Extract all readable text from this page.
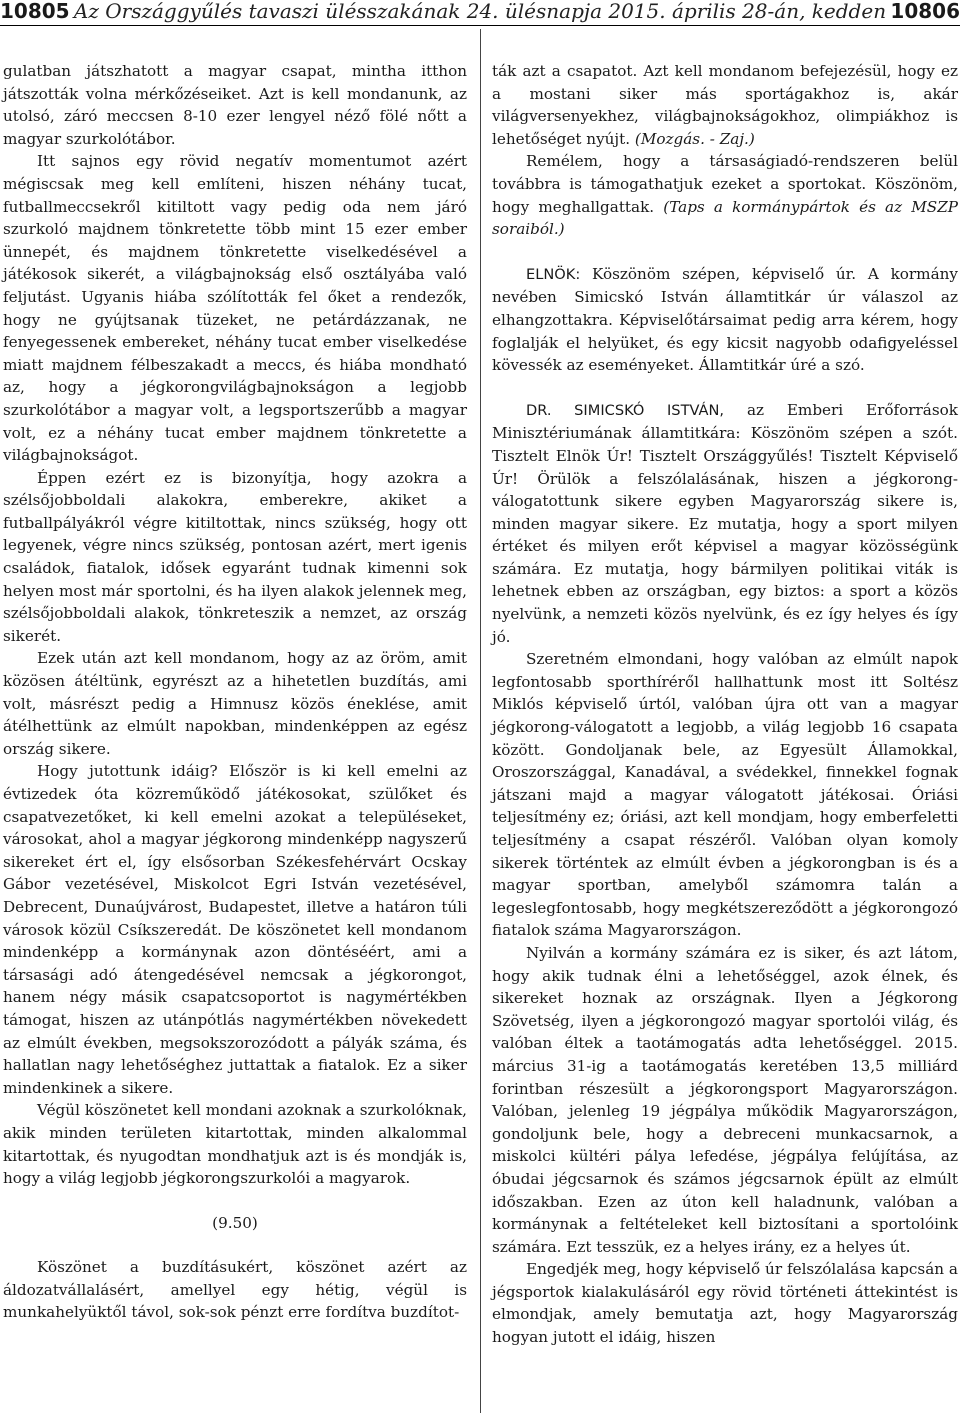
10805 Az Országgyűlés tavaszi ülésszakának 24. ülésnapja 2015. április 28-án, kedden 10806

gulatban játszhatott a magyar csapat, mintha itthon játszották volna mérkőzéseiket. Azt is kell mondanunk, az utolsó, záró meccsen 8-10 ezer lengyel néző fölé nőtt a magyar szurkolótábor.

Itt sajnos egy rövid negatív momentumot azért mégiscsak meg kell említeni, hiszen néhány tucat, futballmeccsekről kitiltott vagy pedig oda nem járó szurkoló majdnem tönkretette több mint 15 ezer ember ünnepét, és majdnem tönkretette viselkedésével a játékosok sikerét, a világbajnokság első osztályába való feljutást. Ugyanis hiába szólították fel őket a rendezők, hogy ne gyújtsanak tüzeket, ne petárdázzanak, ne fenyegessenek embereket, néhány tucat ember viselkedése miatt majdnem félbeszakadt a meccs, és hiába mondható az, hogy a jégkorongvilágbajnokságon a legjobb szurkolótábor a magyar volt, a legsportszerűbb a magyar volt, ez a néhány tucat ember majdnem tönkretette a világbajnokságot.

Éppen ezért ez is bizonyítja, hogy azokra a szélsőjobboldali alakokra, emberekre, akiket a futballpályákról végre kitiltottak, nincs szükség, hogy ott legyenek, végre nincs szükség, pontosan azért, mert igenis családok, fiatalok, idősek egyaránt tudnak kimenni sok helyen most már sportolni, és ha ilyen alakok jelennek meg, szélsőjobboldali alakok, tönkreteszik a nemzet, az ország sikerét.

Ezek után azt kell mondanom, hogy az az öröm, amit közösen átéltünk, egyrészt az a hihetetlen buzdítás, ami volt, másrészt pedig a Himnusz közös éneklése, amit átélhettünk az elmúlt napokban, mindenképpen az egész ország sikere.

Hogy jutottunk idáig? Először is ki kell emelni az évtizedek óta közreműködő játékosokat, szülőket és csapatvezetőket, ki kell emelni azokat a településeket, városokat, ahol a magyar jégkorong mindenképp nagyszerű sikereket ért el, így elsősorban Székesfehérvárt Ocskay Gábor vezetésével, Miskolcot Egri István vezetésével, Debrecent, Dunaújvárost, Budapestet, illetve a határon túli városok közül Csíkszeredát. De köszönetet kell mondanom mindenképp a kormánynak azon döntéséért, ami a társasági adó átengedésével nemcsak a jégkorongot, hanem négy másik csapatcsoportot is nagymértékben támogat, hiszen az utánpótlás nagymértékben növekedett az elmúlt években, megsokszorozódott a pályák száma, és hallatlan nagy lehetőséghez juttattak a fiatalok. Ez a siker mindenkinek a sikere.

Végül köszönetet kell mondani azoknak a szurkolóknak, akik minden területen kitartottak, minden alkalommal kitartottak, és nyugodtan mondhatjuk azt is és mondják is, hogy a világ legjobb jégkorongszurkolói a magyarok.

(9.50)

Köszönet a buzdításukért, köszönet azért az áldozatvállalásért, amellyel egy hétig, végül is munkahelyüktől távol, sok-sok pénzt erre fordítva buzdítot-

ták azt a csapatot. Azt kell mondanom befejezésül, hogy ez a mostani siker más sportágakhoz is, akár világversenyekhez, világbajnokságokhoz, olimpiákhoz is lehetőséget nyújt. (Mozgás. - Zaj.)

Remélem, hogy a társaságiadó-rendszeren belül továbbra is támogathatjuk ezeket a sportokat. Köszönöm, hogy meghallgattak. (Taps a kormánypártok és az MSZP soraiból.)

ELNÖK: Köszönöm szépen, képviselő úr. A kormány nevében Simicskó István államtitkár úr válaszol az elhangzottakra. Képviselőtársaimat pedig arra kérem, hogy foglalják el helyüket, és egy kicsit nagyobb odafigyeléssel kövessék az eseményeket. Államtitkár úré a szó.

DR. SIMICSKÓ ISTVÁN, az Emberi Erőforrások Minisztériumának államtitkára: Köszönöm szépen a szót. Tisztelt Elnök Úr! Tisztelt Országgyűlés! Tisztelt Képviselő Úr! Örülök a felszólalásának, hiszen a jégkorong-válogatottunk sikere egyben Magyarország sikere is, minden magyar sikere. Ez mutatja, hogy a sport milyen értéket és milyen erőt képvisel a magyar közösségünk számára. Ez mutatja, hogy bármilyen politikai viták is lehetnek ebben az országban, egy biztos: a sport a közös nyelvünk, a nemzeti közös nyelvünk, és ez így helyes és így jó.

Szeretném elmondani, hogy valóban az elmúlt napok legfontosabb sporthíréről hallhattunk most itt Soltész Miklós képviselő úrtól, valóban újra ott van a magyar jégkorong-válogatott a legjobb, a világ legjobb 16 csapata között. Gondoljanak bele, az Egyesült Államokkal, Oroszországgal, Kanadával, a svédekkel, finnekkel fognak játszani majd a magyar válogatott játékosai. Óriási teljesítmény ez; óriási, azt kell mondjam, hogy emberfeletti teljesítmény a csapat részéről. Valóban olyan komoly sikerek történtek az elmúlt évben a jégkorongban is és a magyar sportban, amelyből számomra talán a legeslegfontosabb, hogy megkétszereződött a jégkorongozó fiatalok száma Magyarországon.

Nyilván a kormány számára ez is siker, és azt látom, hogy akik tudnak élni a lehetőséggel, azok élnek, és sikereket hoznak az országnak. Ilyen a Jégkorong Szövetség, ilyen a jégkorongozó magyar sportolói világ, és valóban éltek a taotámogatás adta lehetőséggel. 2015. március 31-ig a taotámogatás keretében 13,5 milliárd forintban részesült a jégkorongsport Magyarországon. Valóban, jelenleg 19 jégpálya működik Magyarországon, gondoljunk bele, hogy a debreceni munkacsarnok, a miskolci kültéri pálya lefedése, jégpálya felújítása, az óbudai jégcsarnok és számos jégcsarnok épült az elmúlt időszakban. Ezen az úton kell haladnunk, valóban a kormánynak a feltételeket kell biztosítani a sportolóink számára. Ezt tesszük, ez a helyes irány, ez a helyes út.

Engedjék meg, hogy képviselő úr felszólalása kapcsán a jégsportok kialakulásáról egy rövid történeti áttekintést is elmondjak, amely bemutatja azt, hogy Magyarország hogyan jutott el idáig, hiszen
